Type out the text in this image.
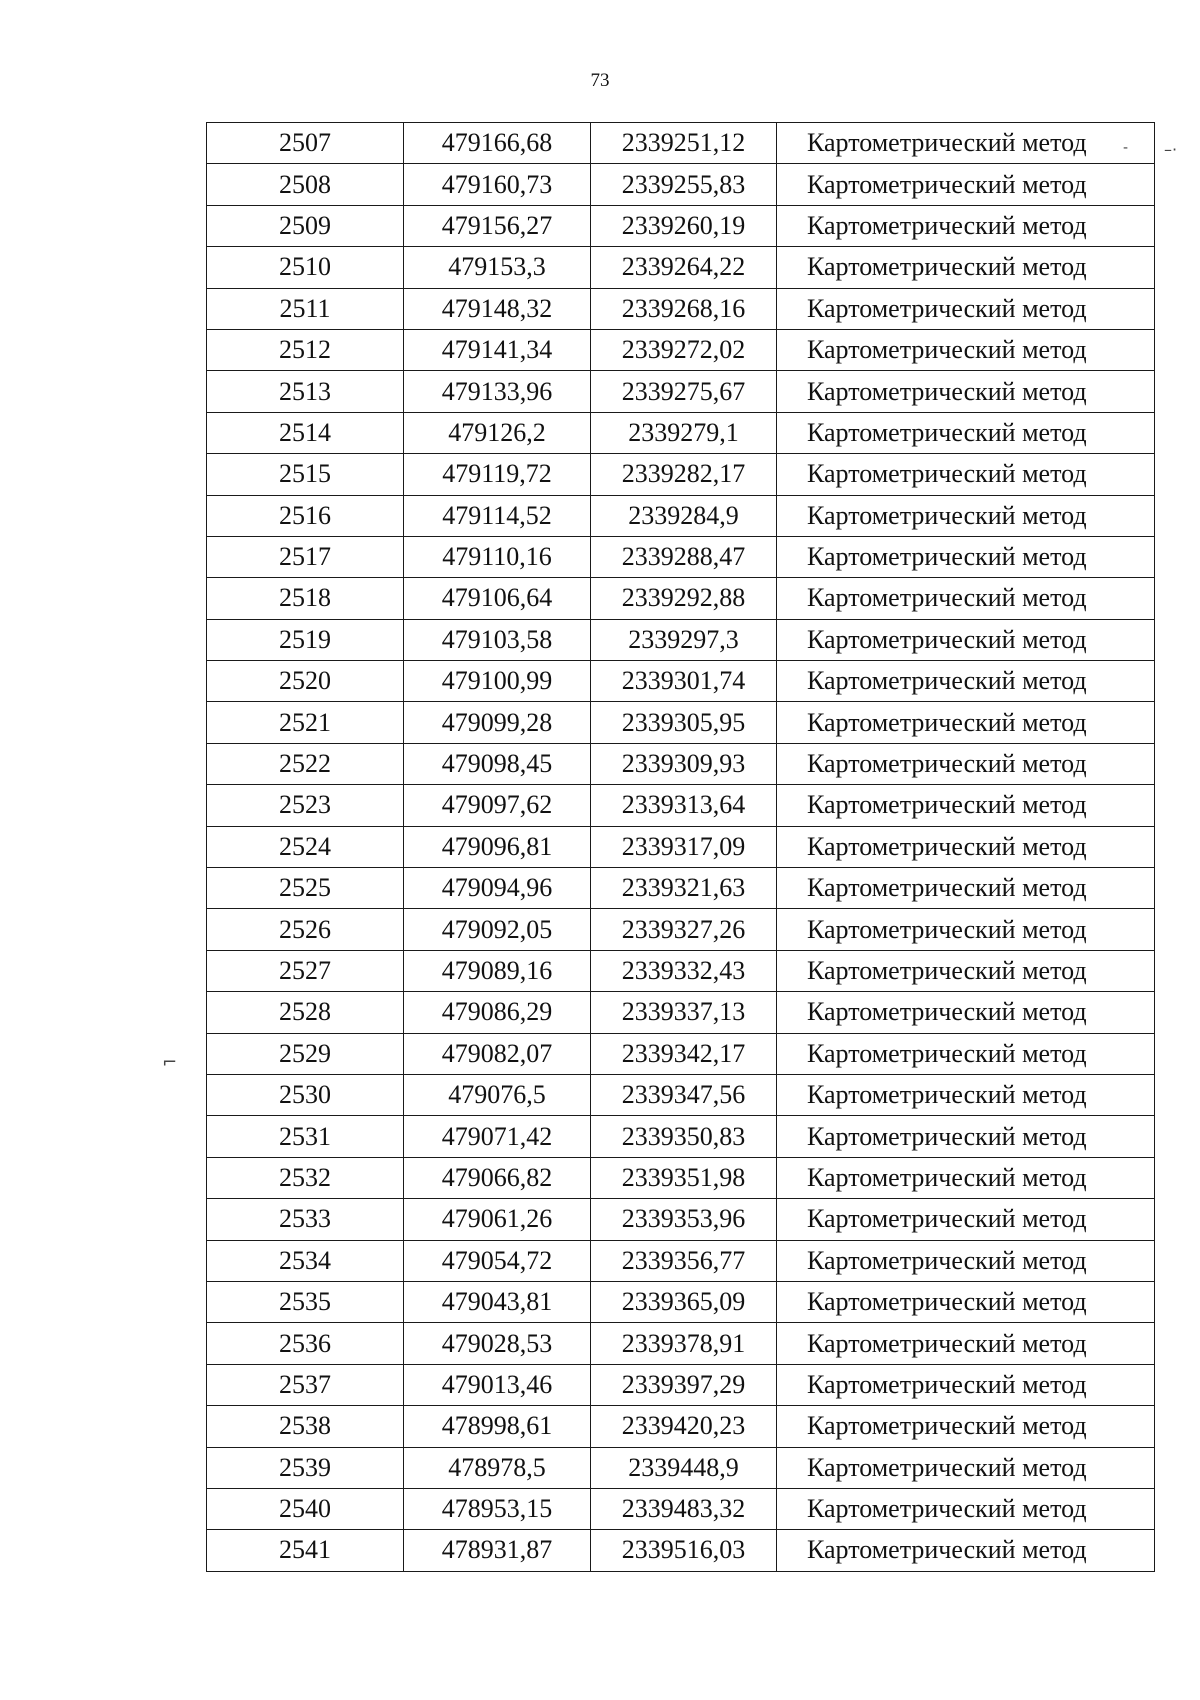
73
–·
-
⌐
2507	479166,68	2339251,12	Картометрический метод
2508	479160,73	2339255,83	Картометрический метод
2509	479156,27	2339260,19	Картометрический метод
2510	479153,3	2339264,22	Картометрический метод
2511	479148,32	2339268,16	Картометрический метод
2512	479141,34	2339272,02	Картометрический метод
2513	479133,96	2339275,67	Картометрический метод
2514	479126,2	2339279,1	Картометрический метод
2515	479119,72	2339282,17	Картометрический метод
2516	479114,52	2339284,9	Картометрический метод
2517	479110,16	2339288,47	Картометрический метод
2518	479106,64	2339292,88	Картометрический метод
2519	479103,58	2339297,3	Картометрический метод
2520	479100,99	2339301,74	Картометрический метод
2521	479099,28	2339305,95	Картометрический метод
2522	479098,45	2339309,93	Картометрический метод
2523	479097,62	2339313,64	Картометрический метод
2524	479096,81	2339317,09	Картометрический метод
2525	479094,96	2339321,63	Картометрический метод
2526	479092,05	2339327,26	Картометрический метод
2527	479089,16	2339332,43	Картометрический метод
2528	479086,29	2339337,13	Картометрический метод
2529	479082,07	2339342,17	Картометрический метод
2530	479076,5	2339347,56	Картометрический метод
2531	479071,42	2339350,83	Картометрический метод
2532	479066,82	2339351,98	Картометрический метод
2533	479061,26	2339353,96	Картометрический метод
2534	479054,72	2339356,77	Картометрический метод
2535	479043,81	2339365,09	Картометрический метод
2536	479028,53	2339378,91	Картометрический метод
2537	479013,46	2339397,29	Картометрический метод
2538	478998,61	2339420,23	Картометрический метод
2539	478978,5	2339448,9	Картометрический метод
2540	478953,15	2339483,32	Картометрический метод
2541	478931,87	2339516,03	Картометрический метод
